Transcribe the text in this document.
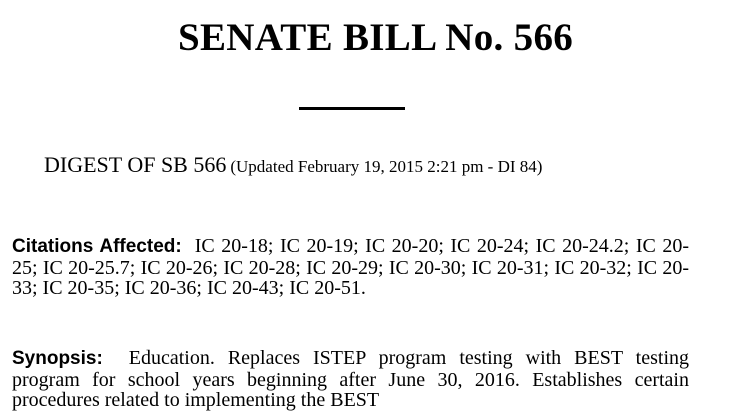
SENATE BILL No. 566
DIGEST OF SB 566 (Updated February 19, 2015 2:21 pm - DI 84)
Citations Affected: IC 20-18; IC 20-19; IC 20-20; IC 20-24; IC 20-24.2; IC 20-25; IC 20-25.7; IC 20-26; IC 20-28; IC 20-29; IC 20-30; IC 20-31; IC 20-32; IC 20-33; IC 20-35; IC 20-36; IC 20-43; IC 20-51.
Synopsis: Education. Replaces ISTEP program testing with BEST testing program for school years beginning after June 30, 2016. Establishes certain procedures related to implementing the BEST
